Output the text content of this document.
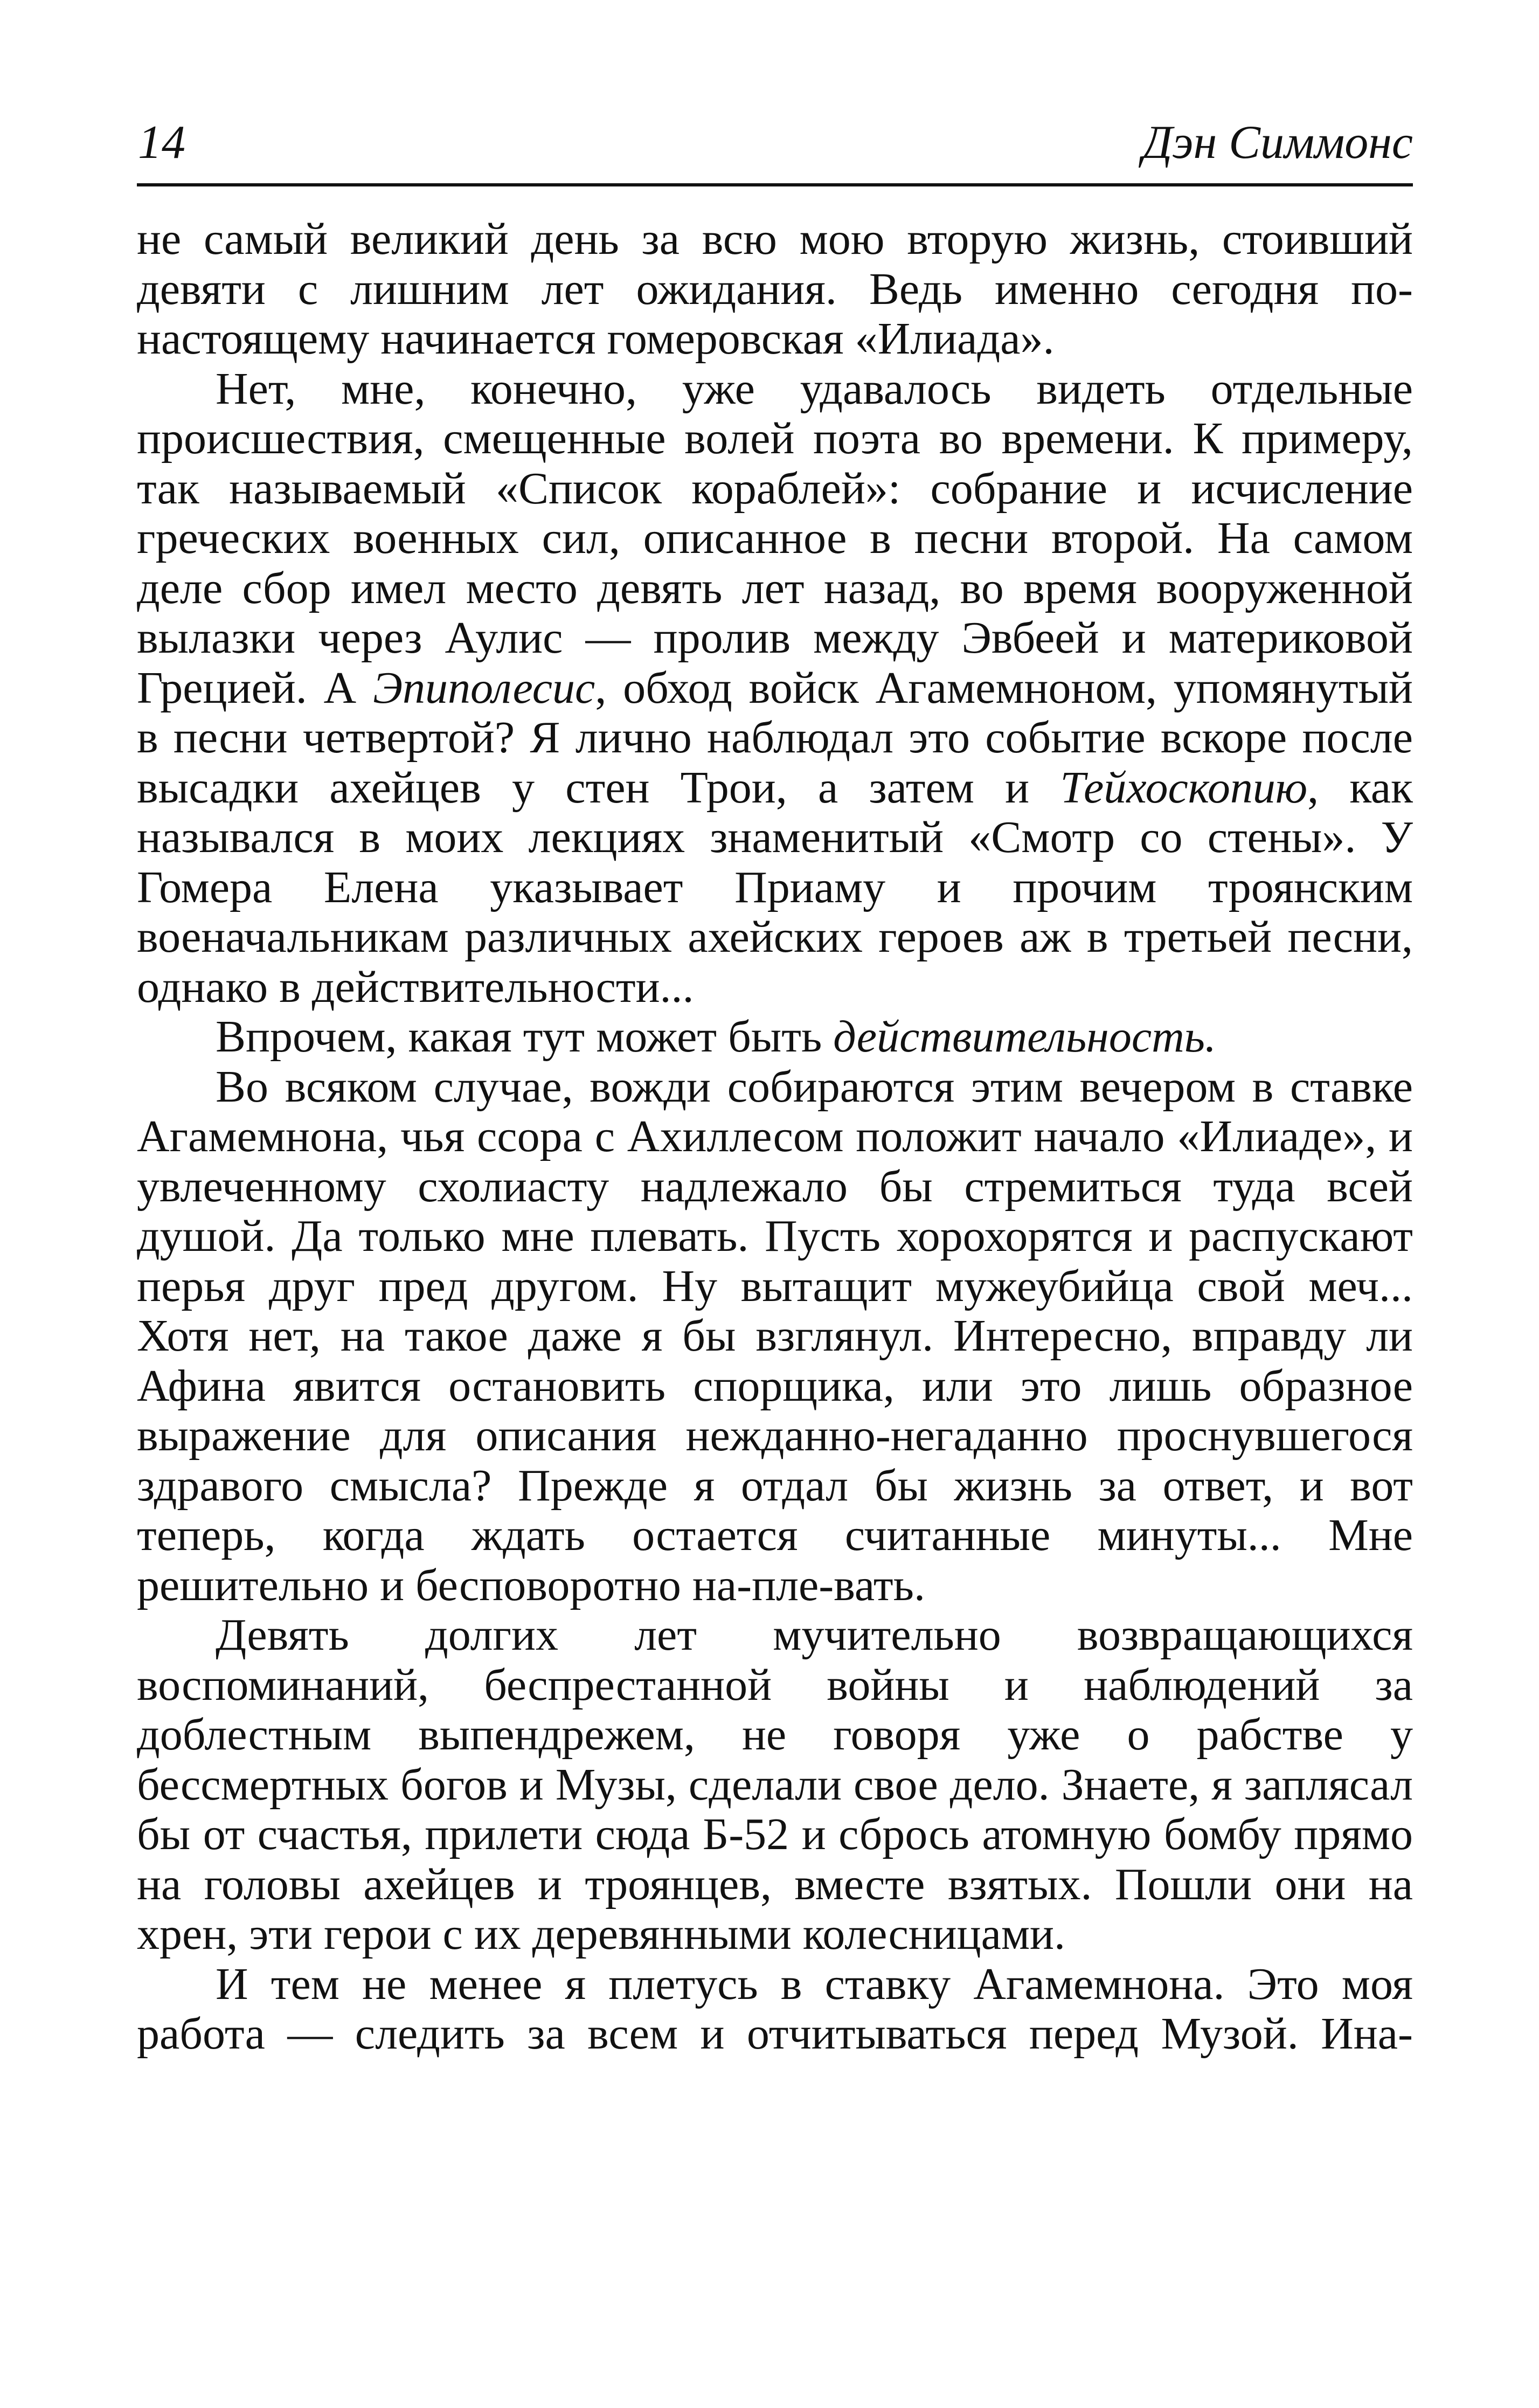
14	Дэн Симмонс

не самый великий день за всю мою вторую жизнь, стоивший девяти с лишним лет ожидания. Ведь именно сегодня по-настоящему начинается гомеровская «Илиада».

Нет, мне, конечно, уже удавалось видеть отдельные происшествия, смещенные волей поэта во времени. К примеру, так называемый «Список кораблей»: собрание и исчисление греческих военных сил, описанное в песни второй. На самом деле сбор имел место девять лет назад, во время вооруженной вылазки через Аулис — пролив между Эвбеей и материковой Грецией. А Эпиполесис, обход войск Агамемноном, упомянутый в песни четвертой? Я лично наблюдал это событие вскоре после высадки ахейцев у стен Трои, а затем и Тейхоскопию, как назывался в моих лекциях знаменитый «Смотр со стены». У Гомера Елена указывает Приаму и прочим троянским военачальникам различных ахейских героев аж в третьей песни, однако в действительности...

Впрочем, какая тут может быть действительность.

Во всяком случае, вожди собираются этим вечером в ставке Агамемнона, чья ссора с Ахиллесом положит начало «Илиаде», и увлеченному схолиасту надлежало бы стремиться туда всей душой. Да только мне плевать. Пусть хорохорятся и распускают перья друг пред другом. Ну вытащит мужеубийца свой меч... Хотя нет, на такое даже я бы взглянул. Интересно, вправду ли Афина явится остановить спорщика, или это лишь образное выражение для описания нежданно-негаданно проснувшегося здравого смысла? Прежде я отдал бы жизнь за ответ, и вот теперь, когда ждать остается считанные минуты... Мне решительно и бесповоротно на-пле-вать.

Девять долгих лет мучительно возвращающихся воспоминаний, беспрестанной войны и наблюдений за доблестным выпендрежем, не говоря уже о рабстве у бессмертных богов и Музы, сделали свое дело. Знаете, я заплясал бы от счастья, прилети сюда Б-52 и сбрось атомную бомбу прямо на головы ахейцев и троянцев, вместе взятых. Пошли они на хрен, эти герои с их деревянными колесницами.

И тем не менее я плетусь в ставку Агамемнона. Это моя работа — следить за всем и отчитываться перед Музой. Ина-
